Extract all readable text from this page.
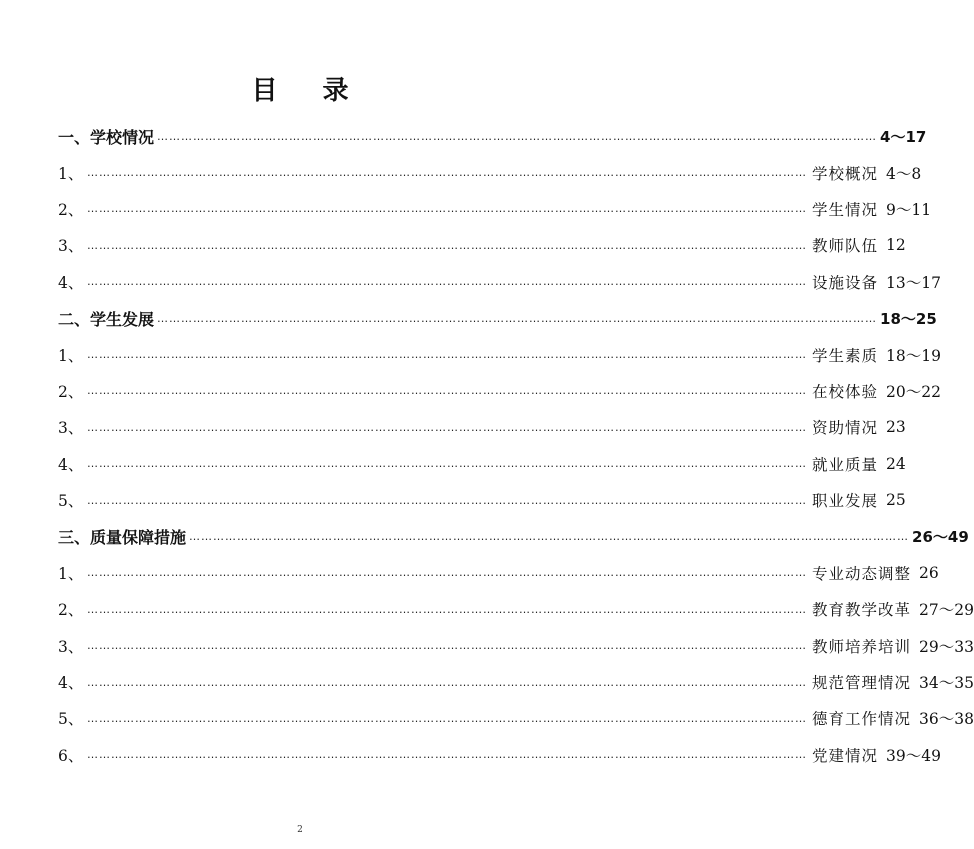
目 录
一、学校情况 ……………………………………………………………………………………………………………………………………………………………… 4～17
1、 ……………………………………………………………………………………………………………………………………………………………… 学校概况 4～8
2、 ……………………………………………………………………………………………………………………………………………………………… 学生情况 9～11
3、 ……………………………………………………………………………………………………………………………………………………………… 教师队伍 12
4、 ……………………………………………………………………………………………………………………………………………………………… 设施设备 13～17
二、学生发展 ……………………………………………………………………………………………………………………………………………………………… 18～25
1、 ……………………………………………………………………………………………………………………………………………………………… 学生素质 18～19
2、 ……………………………………………………………………………………………………………………………………………………………… 在校体验 20～22
3、 ……………………………………………………………………………………………………………………………………………………………… 资助情况 23
4、 ……………………………………………………………………………………………………………………………………………………………… 就业质量 24
5、 ……………………………………………………………………………………………………………………………………………………………… 职业发展 25
三、质量保障措施 ……………………………………………………………………………………………………………………………………………………………… 26～49
1、 ……………………………………………………………………………………………………………………………………………………………… 专业动态调整 26
2、 ……………………………………………………………………………………………………………………………………………………………… 教育教学改革 27～29
3、 ……………………………………………………………………………………………………………………………………………………………… 教师培养培训 29～33
4、 ……………………………………………………………………………………………………………………………………………………………… 规范管理情况 34～35
5、 ……………………………………………………………………………………………………………………………………………………………… 德育工作情况 36～38
6、 ……………………………………………………………………………………………………………………………………………………………… 党建情况 39～49
2
